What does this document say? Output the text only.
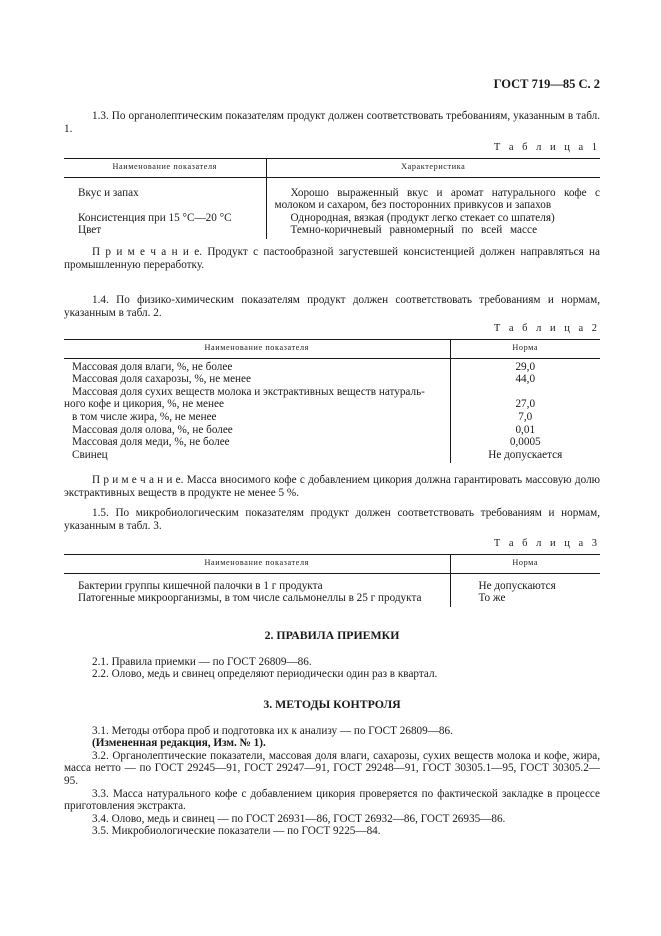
ГОСТ 719—85 С. 2

1.3. По органолептическим показателям продукт должен соответствовать требованиям, указанным в табл. 1.

Т а б л и ц а 1
Наименование показателя	Характеристика
Вкус и запах	Хорошо выраженный вкус и аромат натурального кофе с молоком и сахаром, без посторонних привкусов и запахов
Консистенция при 15 °С—20 °С	Однородная, вязкая (продукт легко стекает со шпателя)
Цвет	Темно-коричневый равномерный по всей массе

П р и м е ч а н и е. Продукт с пастообразной загустевшей консистенцией должен направляться на промышленную переработку.

1.4. По физико-химическим показателям продукт должен соответствовать требованиям и нормам, указанным в табл. 2.

Т а б л и ц а 2
Наименование показателя	Норма
Массовая доля влаги, %, не более	29,0
Массовая доля сахарозы, %, не менее	44,0
Массовая доля сухих веществ молока и экстрактивных веществ натураль-	
ного кофе и цикория, %, не менее	27,0
в том числе жира, %, не менее	7,0
Массовая доля олова, %, не более	0,01
Массовая доля меди, %, не более	0,0005
Свинец	Не допускается

П р и м е ч а н и е. Масса вносимого кофе с добавлением цикория должна гарантировать массовую долю экстрактивных веществ в продукте не менее 5 %.

1.5. По микробиологическим показателям продукт должен соответствовать требованиям и нормам, указанным в табл. 3.

Т а б л и ц а 3
Наименование показателя	Норма
Бактерии группы кишечной палочки в 1 г продукта	Не допускаются
Патогенные микроорганизмы, в том числе сальмонеллы в 25 г продукта	То же

2. ПРАВИЛА ПРИЕМКИ

2.1. Правила приемки — по ГОСТ 26809—86.

2.2. Олово, медь и свинец определяют периодически один раз в квартал.

3. МЕТОДЫ КОНТРОЛЯ

3.1. Методы отбора проб и подготовка их к анализу — по ГОСТ 26809—86.

(Измененная редакция, Изм. № 1).

3.2. Органолептические показатели, массовая доля влаги, сахарозы, сухих веществ молока и кофе, жира, масса нетто — по ГОСТ 29245—91, ГОСТ 29247—91, ГОСТ 29248—91, ГОСТ 30305.1—95, ГОСТ 30305.2—95.

3.3. Масса натурального кофе с добавлением цикория проверяется по фактической закладке в процессе приготовления экстракта.

3.4. Олово, медь и свинец — по ГОСТ 26931—86, ГОСТ 26932—86, ГОСТ 26935—86.

3.5. Микробиологические показатели — по ГОСТ 9225—84.
